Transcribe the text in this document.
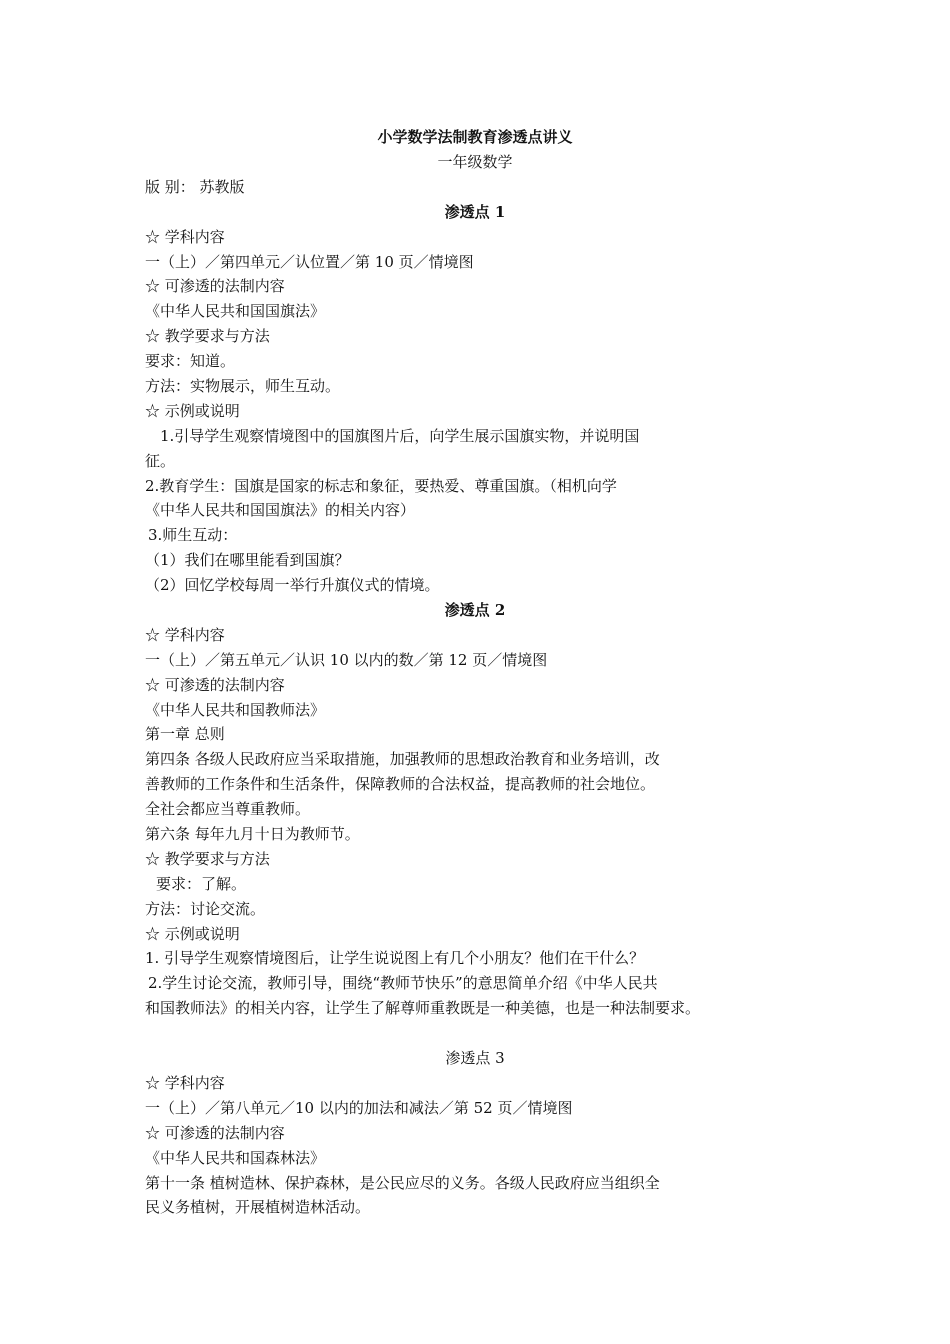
小学数学法制教育渗透点讲义
一年级数学
版 别： 苏教版
渗透点 1
☆ 学科内容
一（上）／第四单元／认位置／第 10 页／情境图
☆ 可渗透的法制内容
《中华人民共和国国旗法》
☆ 教学要求与方法
要求：知道。
方法：实物展示，师生互动。
☆ 示例或说明
1.引导学生观察情境图中的国旗图片后，向学生展示国旗实物，并说明国
征。
2.教育学生：国旗是国家的标志和象征，要热爱、尊重国旗。（相机向学
《中华人民共和国国旗法》的相关内容）
3.师生互动：
（1）我们在哪里能看到国旗？
（2）回忆学校每周一举行升旗仪式的情境。
渗透点 2
☆ 学科内容
一（上）／第五单元／认识 10 以内的数／第 12 页／情境图
☆ 可渗透的法制内容
《中华人民共和国教师法》
第一章 总则
第四条 各级人民政府应当采取措施，加强教师的思想政治教育和业务培训，改
善教师的工作条件和生活条件，保障教师的合法权益，提高教师的社会地位。
全社会都应当尊重教师。
第六条 每年九月十日为教师节。
☆ 教学要求与方法
要求：了解。
方法：讨论交流。
☆ 示例或说明
1. 引导学生观察情境图后，让学生说说图上有几个小朋友？他们在干什么？
2.学生讨论交流，教师引导，围绕“教师节快乐”的意思简单介绍《中华人民共
和国教师法》的相关内容，让学生了解尊师重教既是一种美德，也是一种法制要求。
渗透点 3
☆ 学科内容
一（上）／第八单元／10 以内的加法和减法／第 52 页／情境图
☆ 可渗透的法制内容
《中华人民共和国森林法》
第十一条 植树造林、保护森林，是公民应尽的义务。各级人民政府应当组织全
民义务植树，开展植树造林活动。
